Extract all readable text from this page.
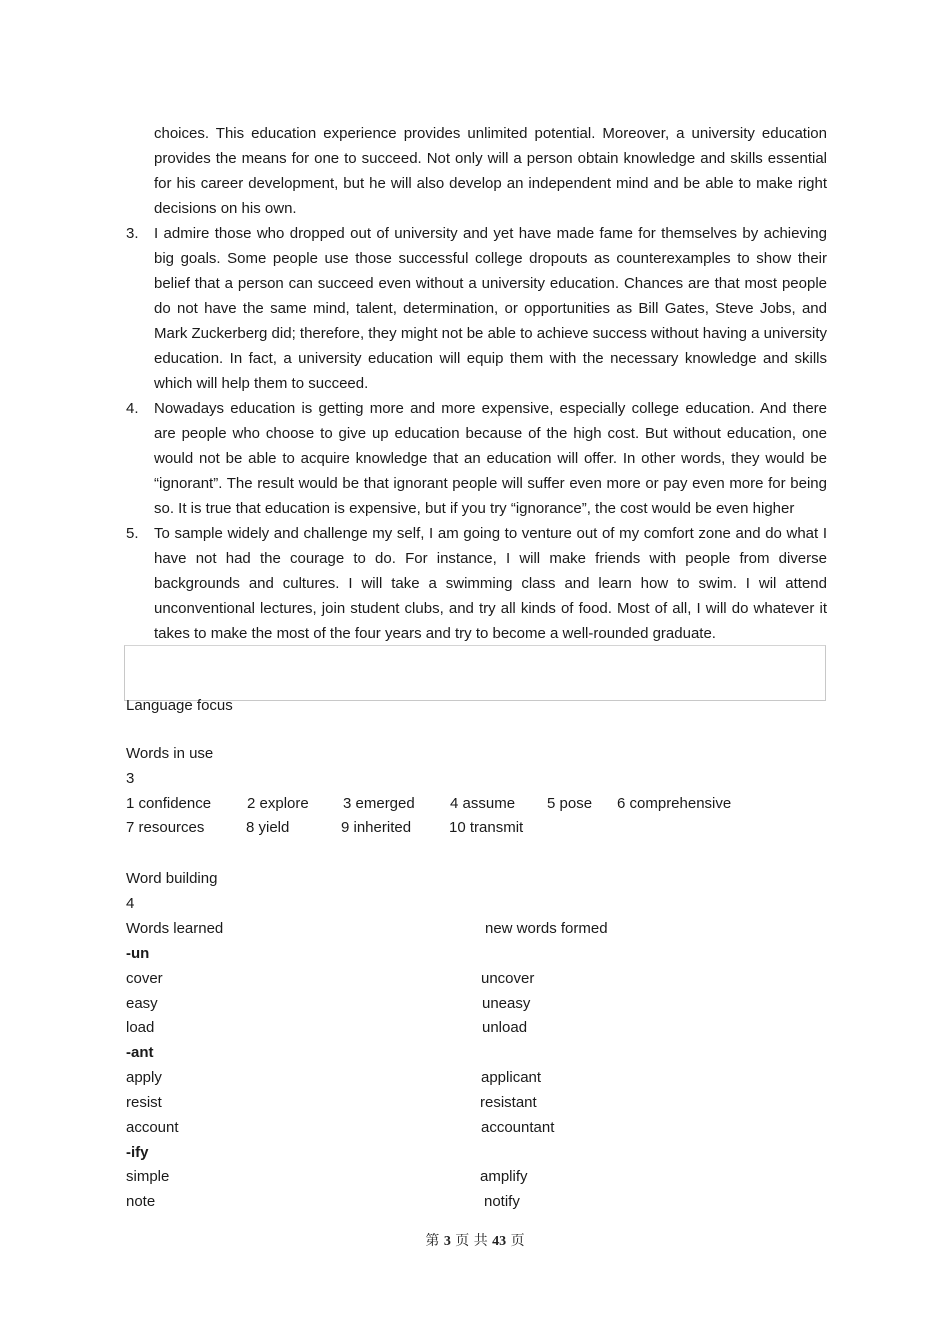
choices. This education experience provides unlimited potential. Moreover, a university education provides the means for one to succeed. Not only will a person obtain knowledge and skills essential for his career development, but he will also develop an independent mind and be able to make right decisions on his own.

3.	I admire those who dropped out of university and yet have made fame for themselves by achieving big goals. Some people use those successful college dropouts as counterexamples to show their belief that a person can succeed even without a university education. Chances are that most people do not have the same mind, talent, determination, or opportunities as Bill Gates, Steve Jobs, and Mark Zuckerberg did; therefore, they might not be able to achieve success without having a university education. In fact, a university education will equip them with the necessary knowledge and skills which will help them to succeed.
4.	Nowadays education is getting more and more expensive, especially college education. And there are people who choose to give up education because of the high cost. But without education, one would not be able to acquire knowledge that an education will offer. In other words, they would be “ignorant”. The result would be that ignorant people will suffer even more or pay even more for being so. It is true that education is expensive, but if you try “ignorance”, the cost would be even higher
5.	To sample widely and challenge my self, I am going to venture out of my comfort zone and do what I have not had the courage to do. For instance, I will make friends with people from diverse backgrounds and cultures. I will take a swimming class and learn how to swim. I wil attend unconventional lectures, join student clubs, and try all kinds of food. Most of all, I will do whatever it takes to make the most of the four years and try to become a well-rounded graduate.
Language focus
Words in use
3
1 confidence 2 explore 3 emerged 4 assume 5 pose 6 comprehensive
7 resources	8 yield	9 inherited	10 transmit
Word building
4
Words learned	new words formed
-un
cover	uncover
easy	uneasy
load	unload
-ant
apply	applicant
resist	resistant
account	accountant
-ify
simple	amplify
note	notify
第 3 页 共 43 页
